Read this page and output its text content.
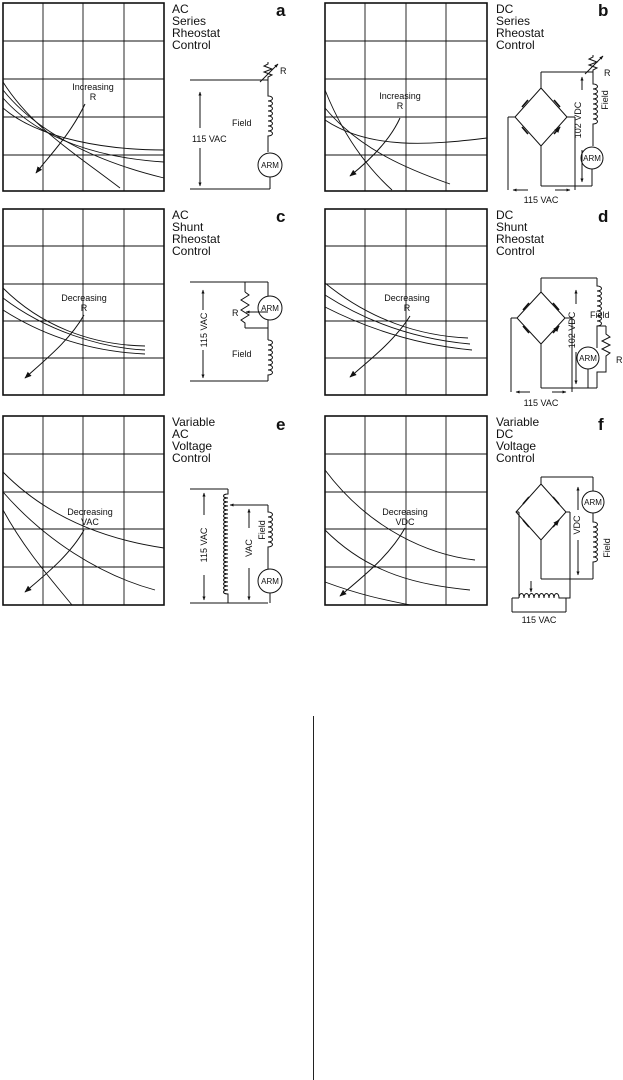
Increasing
R
AC
Series
Rheostat
Control
a
R
Field
115 VAC
ARM
Increasing
R
DC
Series
Rheostat
Control
b
R
Field
102 VDC
ARM
115 VAC
Decreasing
R
AC
Shunt
Rheostat
Control
c
R
Field
115 VAC
ARM
Decreasing
R
DC
Shunt
Rheostat
Control
d
Field
102 VDC
R
ARM
115 VAC
Decreasing
VAC
Variable
AC
Voltage
Control
e
115 VAC	VAC
Field
ARM
Decreasing
VDC
Variable
DC
Voltage
Control
f
VDC
Field
ARM
115 VAC
